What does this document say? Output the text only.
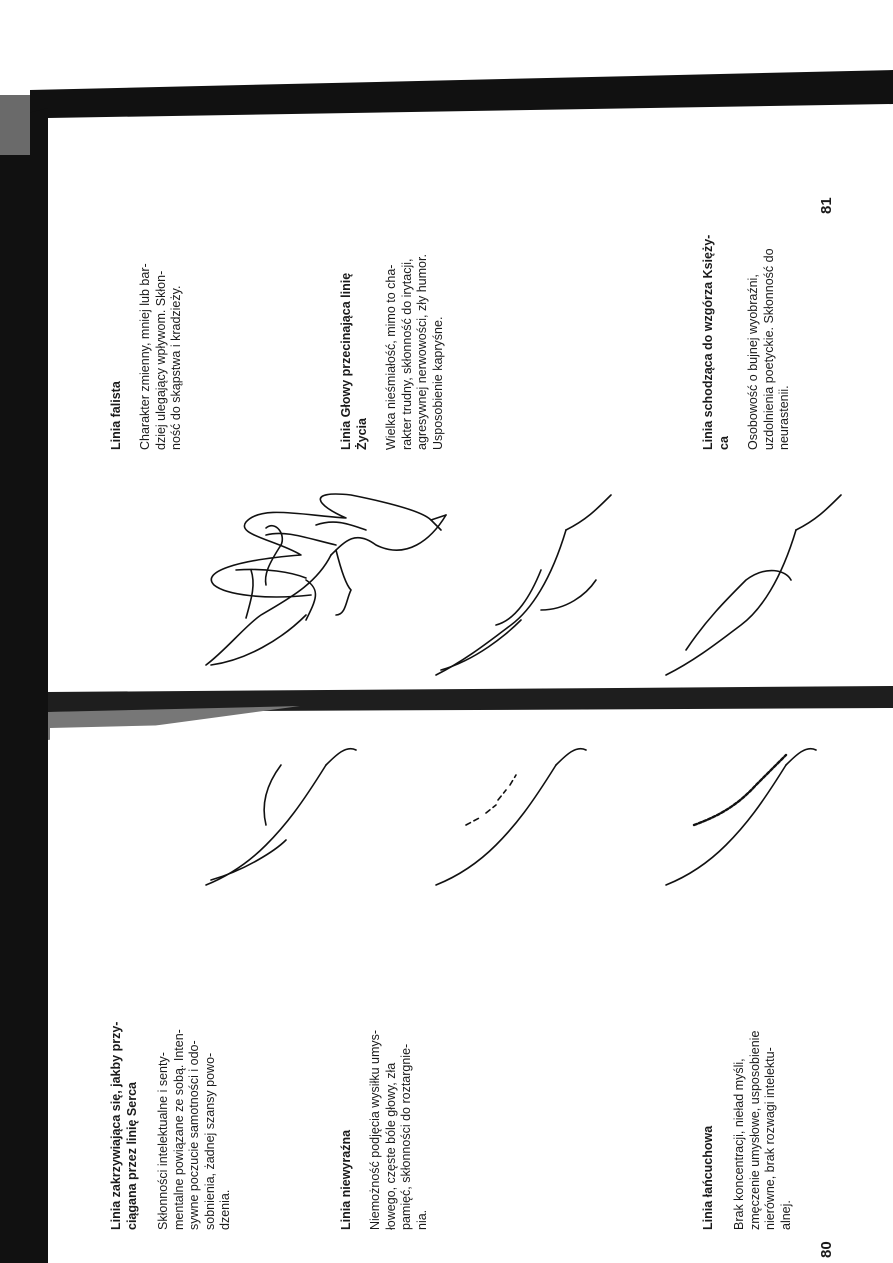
Linia falista Charakter zmienny, mniej lub bar- dziej ulegający wpływom. Skłon- ność do skąpstwa i kradzieży.	Linia Głowy przecinająca linię Życia Wielka nieśmiałość, mimo to cha- rakter trudny, skłonność do irytacji, agresywnej nerwowości, zły humor. Usposobienie kapryśne.	Linia schodząca do wzgórza Księży- ca Osobowość o bujnej wyobraźni, uzdolnienia poetyckie. Skłonność do neurastenii.
81
Linia zakrzywiająca się, jakby przy- ciągana przez linię Serca Skłonności intelektualne i senty- mentalne powiązane ze sobą. Inten- sywne poczucie samotności i odo- sobnienia, żadnej szansy powo- dzenia.	Linia niewyraźna Niemożność podjęcia wysiłku umys- łowego, częste bóle głowy, zła pamięć, skłonności do roztargnie- nia.	Linia łańcuchowa Brak koncentracji, nieład myśli, zmęczenie umysłowe, usposobienie nierówne, brak rozwagi intelektu- alnej.
80
